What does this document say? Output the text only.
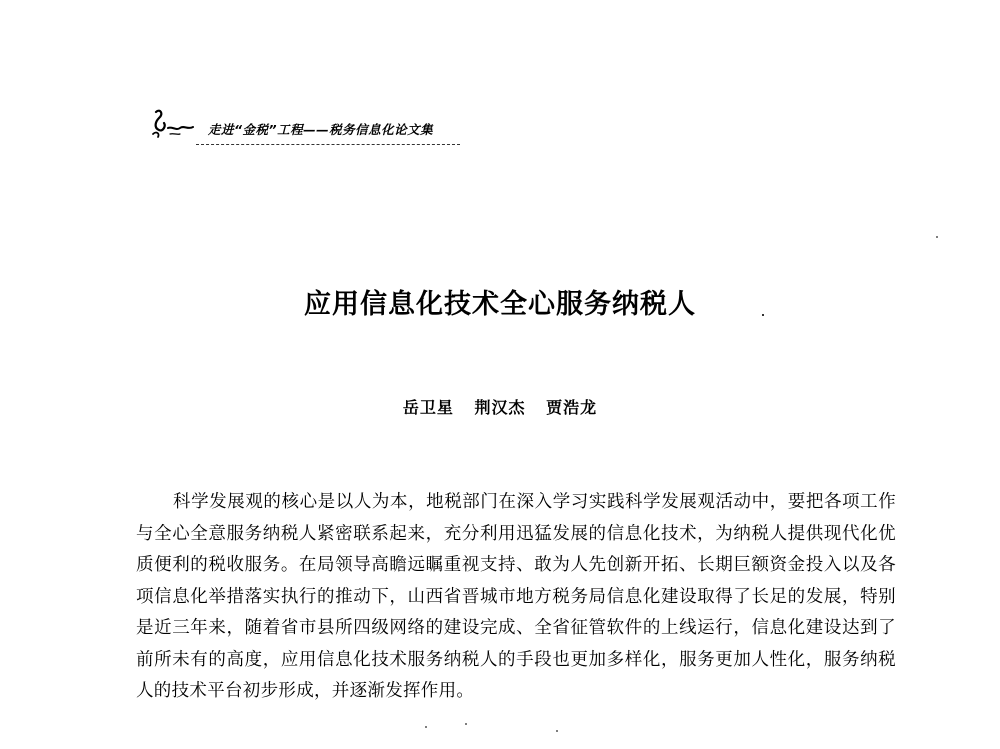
走进“金税”工程——税务信息化论文集
应用信息化技术全心服务纳税人
岳卫星 荆汉杰 贾浩龙

科学发展观的核心是以人为本，地税部门在深入学习实践科学发展观活动中，要把各项工作与全心全意服务纳税人紧密联系起来，充分利用迅猛发展的信息化技术，为纳税人提供现代化优质便利的税收服务。在局领导高瞻远瞩重视支持、敢为人先创新开拓、长期巨额资金投入以及各项信息化举措落实执行的推动下，山西省晋城市地方税务局信息化建设取得了长足的发展，特别是近三年来，随着省市县所四级网络的建设完成、全省征管软件的上线运行，信息化建设达到了前所未有的高度，应用信息化技术服务纳税人的手段也更加多样化，服务更加人性化，服务纳税人的技术平台初步形成，并逐渐发挥作用。
